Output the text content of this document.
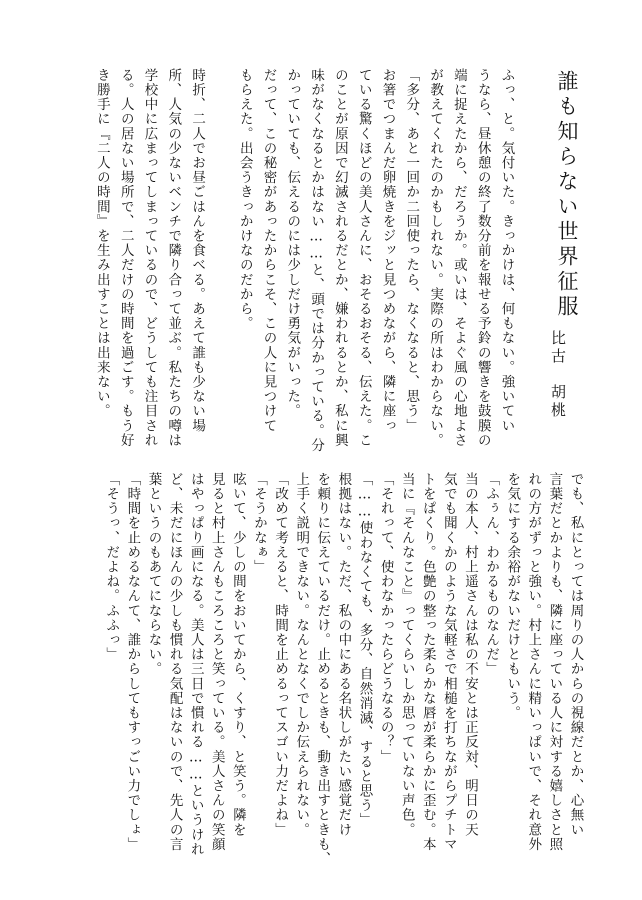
誰も知らない世界征服
比古　胡桃
ふっ、と。気付いた。きっかけは、何もない。強いてい
うなら、昼休憩の終了数分前を報せる予鈴の響きを鼓膜の
端に捉えたから、だろうか。或いは、そよぐ風の心地よさ
が教えてくれたのかもしれない。実際の所はわからない。
「多分、あと一回か二回使ったら、なくなると、思う」
お箸でつまんだ卵焼きをジッと見つめながら、隣に座っ
ている驚くほどの美人さんに、おそるおそる、伝えた。こ
のことが原因で幻滅されるだとか、嫌われるとか、私に興
味がなくなるとかはない……と、頭では分かっている。分
かっていても、伝えるのには少しだけ勇気がいった。
だって、この秘密があったからこそ、この人に見つけて
もらえた。出会うきっかけなのだから。
時折、二人でお昼ごはんを食べる。あえて誰も少ない場
所、人気の少ないベンチで隣り合って並ぶ。私たちの噂は
学校中に広まってしまっているので、どうしても注目され
る。人の居ない場所で、二人だけの時間を過ごす。もう好
き勝手に『二人の時間』を生み出すことは出来ない。
でも、私にとっては周りの人からの視線だとか、心無い
言葉だとかよりも、隣に座っている人に対する嬉しさと照
れの方がずっと強い。村上さんに精いっぱいで、それ意外
を気にする余裕がないだけともいう。
「ふぅん、わかるものなんだ」
当の本人、村上遥さんは私の不安とは正反対、明日の天
気でも聞くかのような気軽さで相槌を打ちながらプチトマ
トをぱくり。色艶の整った柔らかな唇が柔らかに歪む。本
当に『そんなこと』ってくらいしか思っていない声色。
「それって、使わなかったらどうなるの？」
「……使わなくても、多分、自然消滅、すると思う」
根拠はない。ただ、私の中にある名状しがたい感覚だけ
を頼りに伝えているだけ。止めるときも、動き出すときも、
上手く説明できない。なんとなくでしか伝えられない。
「改めて考えると、時間を止めるってスゴい力だよね」
「そうかなぁ」
呟いて、少しの間をおいてから、くすり、と笑う。隣を
見ると村上さんもころころと笑っている。美人さんの笑顔
はやっぱり画になる。美人は三日で慣れる……というけれ
ど、未だにほんの少しも慣れる気配はないので、先人の言
葉というのもあてにならない。
「時間を止めるなんて、誰からしてもすっごい力でしょ」
「そうっ、だよね。ふふっ」
